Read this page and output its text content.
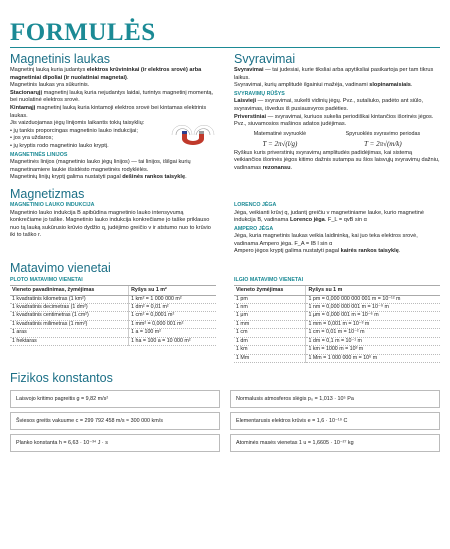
FORMULĖS
Magnetinis laukas

Magnetinį lauką kuria judantys elektros krūvininkai (ir elektros srovė) arba magnetiniai dipoliai (ir nuolatiniai magnetai).

Magnetinis laukas yra sūkurinis.

Stacionarųjį magnetinį lauką kuria nejudantys laidai, turintys magnetinį momentą, bei nuolatinė elektros srovė.

Kintamąjį magnetinį lauką kuria kintamoji elektros srovė bei kintamas elektrinis laukas.

Jis vaizduojamas jėgų linijomis laikantis tokių taisyklių:

• jų tankis proporcingas magnetinio lauko indukcijai;

• jos yra uždaros;

• jų kryptis rodo magnetinio lauko kryptį.

MAGNETINĖS LINIJOS

Magnetinės linijos (magnetinio lauko jėgų linijos) — tai linijos, išilgai kurių magnetinamiere laukie išsidėsto magnetinės rodyklėlės.

Magnetinių linijų kryptį galima nustatyti pagal dešinės rankos taisyklę.

Svyravimai

Svyravimai — tai judesiai, kurie tiksliai arba apytiksliai pasikartoja per tam tikrus laikus.

Svyravimai, kurių amplitudė ilgainiui mažėja, vadinami slopinamaisiais.

SVYRAVIMŲ RŪŠYS

Laisvieji — svyravimai, sukelti vidinių jėgų. Pvz., sutaliuko, padėto ant siūlo, svyravimas, išvedus iš pusiausvyros padėties.

Priverstiniai — svyravimai, kuriuos sukelia periodiškai kintančios išorinės jėgos. Pvz., siuvamosios mašinos adatos judėjimas.

Matematinė svyruoklė
T = 2π√(l/g)
Spyruoklės svyravimo periodas
T = 2π√(m/k)

Ryškus kuris priverstinių svyravimų amplitudės padidėjimas, kai sistemą veikiančios išorinės jėgos kitimo dažnis sutampa su šios laisvųjų svyravimų dažniu, vadinamas rezonansu.

Magnetizmas

MAGNETINIO LAUKO INDUKCIJA

Magnetinio lauko indukcija B apibūdina magnetinio lauko intensyvumą konkrečiame jo taške. Magnetinio lauko indukcija konkrečiame jo taške priklauso nuo tą lauką sukūrusio krūvio dydžio q, judėjimo greičio v ir atstumo nuo to krūvio iki to taško r.

LORENCO JĖGA

Jėga, veikianti krūvį q, judantį greičiu v magnetiniame lauke, kurio magnetinė indukcija B, vadinama Lorenco jėga. F_L = qvB sin α

AMPERO JĖGA

Jėga, kuria magnetinis laukas veikia laidininką, kai juo teka elektros srovė, vadinama Ampero jėga. F_A = IB l sin α

Ampero jėgos kryptį galima nustatyti pagal kairės rankos taisyklę.

Matavimo vienetai

PLOTO MATAVIMO VIENETAI

Vieneto pavadinimas, žymėjimas	Ryšys su 1 m²
1 kvadratinis kilometras (1 km²)	1 km² = 1 000 000 m²
1 kvadratinis decimetras (1 dm²)	1 dm² = 0,01 m²
1 kvadratinis centimetras (1 cm²)	1 cm² = 0,0001 m²
1 kvadratinis milimetras (1 mm²)	1 mm² = 0,000 001 m²
1 aras	1 a = 100 m²
1 hektaras	1 ha = 100 a = 10 000 m²

ILGIO MATAVIMO VIENETAI

Vieneto žymėjimas	Ryšys su 1 m
1 pm	1 pm = 0,000 000 000 001 m = 10⁻¹² m
1 nm	1 nm = 0,000 000 001 m = 10⁻⁹ m
1 μm	1 μm = 0,000 001 m = 10⁻⁶ m
1 mm	1 mm = 0,001 m = 10⁻³ m
1 cm	1 cm = 0,01 m = 10⁻² m
1 dm	1 dm = 0,1 m = 10⁻¹ m
1 km	1 km = 1000 m = 10³ m
1 Mm	1 Mm = 1 000 000 m = 10⁶ m
Fizikos konstantos
Laisvojo kritimo pagreitis g = 9,82 m/s²	Normalusis atmosferos slėgis p₀ = 1,013 · 10⁵ Pa
Šviesos greitis vakuume c = 299 792 458 m/s ≈ 300 000 km/s	Elementarusis elektros krūvis e = 1,6 · 10⁻¹⁹ C
Planko konstanta h = 6,63 · 10⁻³⁴ J · s	Atominės masės vienetas 1 u = 1,6605 · 10⁻²⁷ kg
